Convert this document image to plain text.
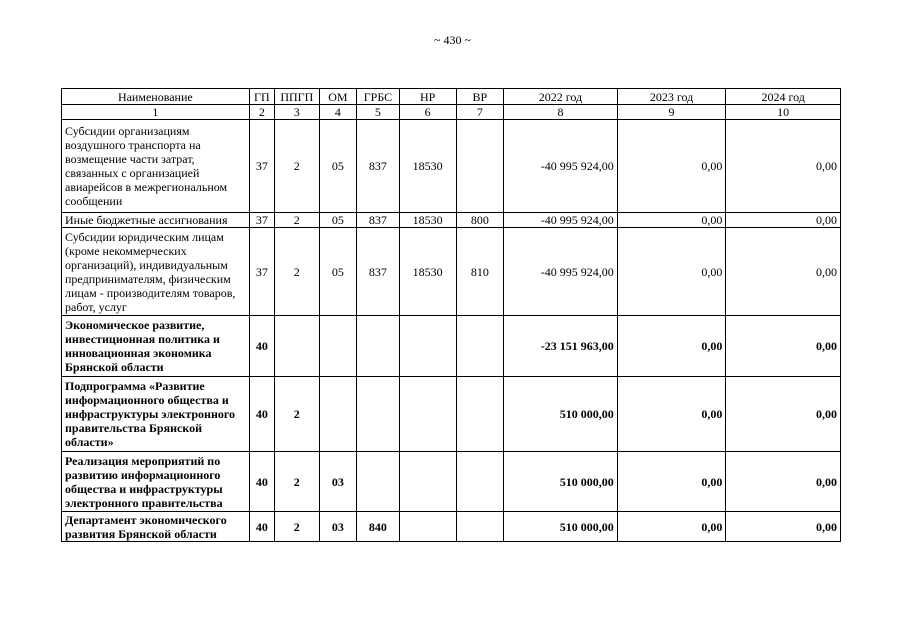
~ 430 ~
Наименование	ГП	ППГП	ОМ	ГРБС	НР	ВР	2022 год	2023 год	2024 год
1	2	3	4	5	6	7	8	9	10
Субсидии организациям воздушного транспорта на возмещение части затрат, связанных с организацией авиарейсов в межрегиональном сообщении	37	2	05	837	18530		-40 995 924,00	0,00	0,00
Иные бюджетные ассигнования	37	2	05	837	18530	800	-40 995 924,00	0,00	0,00
Субсидии юридическим лицам (кроме некоммерческих организаций), индивидуальным предпринимателям, физическим лицам - производителям товаров, работ, услуг	37	2	05	837	18530	810	-40 995 924,00	0,00	0,00
Экономическое развитие, инвестиционная политика и инновационная экономика Брянской области	40						-23 151 963,00	0,00	0,00
Подпрограмма «Развитие информационного общества и инфраструктуры электронного правительства Брянской области»	40	2					510 000,00	0,00	0,00
Реализация мероприятий по развитию информационного общества и инфраструктуры электронного правительства	40	2	03				510 000,00	0,00	0,00
Департамент экономического развития Брянской области	40	2	03	840			510 000,00	0,00	0,00
